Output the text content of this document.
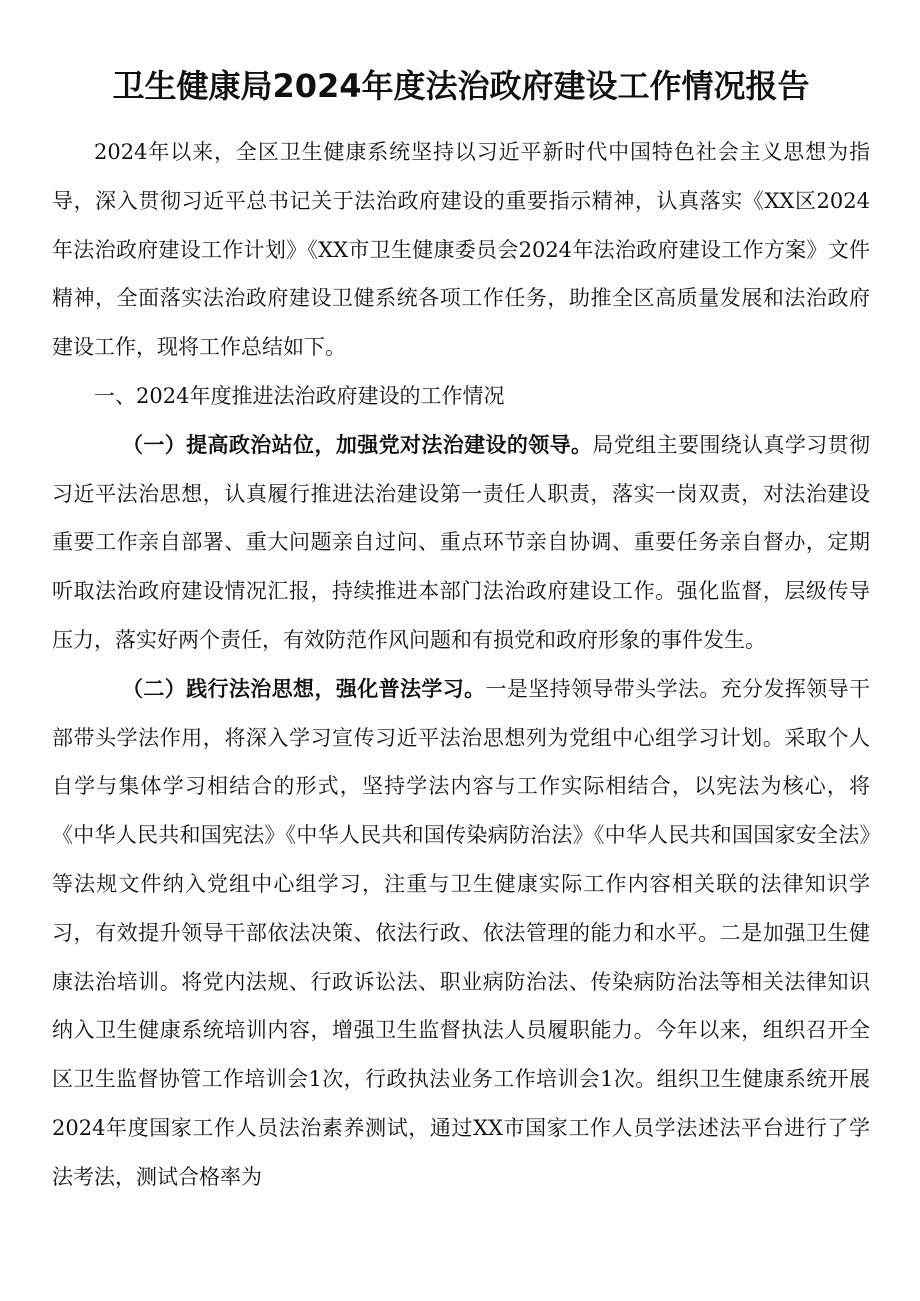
卫生健康局2024年度法治政府建设工作情况报告

2024年以来，全区卫生健康系统坚持以习近平新时代中国特色社会主义思想为指导，深入贯彻习近平总书记关于法治政府建设的重要指示精神，认真落实《XX区2024年法治政府建设工作计划》《XX市卫生健康委员会2024年法治政府建设工作方案》文件精神，全面落实法治政府建设卫健系统各项工作任务，助推全区高质量发展和法治政府建设工作，现将工作总结如下。

一、2024年度推进法治政府建设的工作情况

（一）提高政治站位，加强党对法治建设的领导。局党组主要围绕认真学习贯彻习近平法治思想，认真履行推进法治建设第一责任人职责，落实一岗双责，对法治建设重要工作亲自部署、重大问题亲自过问、重点环节亲自协调、重要任务亲自督办，定期听取法治政府建设情况汇报，持续推进本部门法治政府建设工作。强化监督，层级传导压力，落实好两个责任，有效防范作风问题和有损党和政府形象的事件发生。

（二）践行法治思想，强化普法学习。一是坚持领导带头学法。充分发挥领导干部带头学法作用，将深入学习宣传习近平法治思想列为党组中心组学习计划。采取个人自学与集体学习相结合的形式，坚持学法内容与工作实际相结合，以宪法为核心，将《中华人民共和国宪法》《中华人民共和国传染病防治法》《中华人民共和国国家安全法》等法规文件纳入党组中心组学习，注重与卫生健康实际工作内容相关联的法律知识学习，有效提升领导干部依法决策、依法行政、依法管理的能力和水平。二是加强卫生健康法治培训。将党内法规、行政诉讼法、职业病防治法、传染病防治法等相关法律知识纳入卫生健康系统培训内容，增强卫生监督执法人员履职能力。今年以来，组织召开全区卫生监督协管工作培训会1次，行政执法业务工作培训会1次。组织卫生健康系统开展2024年度国家工作人员法治素养测试，通过XX市国家工作人员学法述法平台进行了学法考法，测试合格率为
